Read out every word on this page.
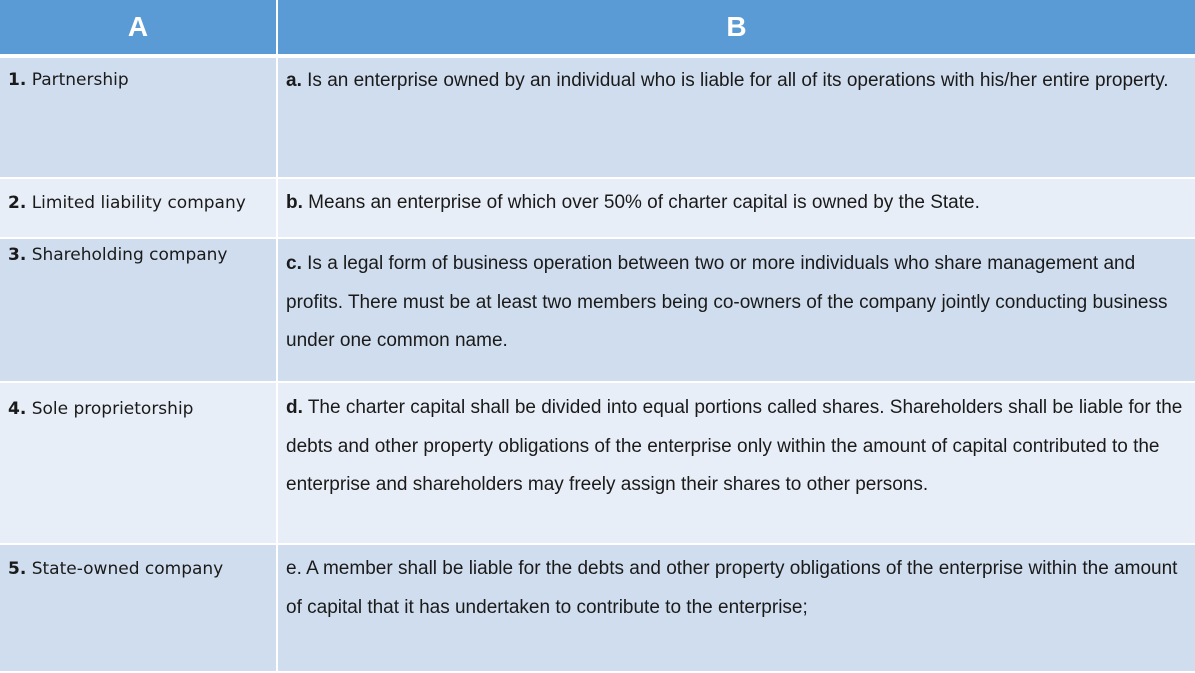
A	B
1. Partnership	a. Is an enterprise owned by an individual who is liable for all of its operations with his/her entire property.
2. Limited liability company	b. Means an enterprise of which over 50% of charter capital is owned by the State.
3. Shareholding company	c. Is a legal form of business operation between two or more individuals who share management and profits. There must be at least two members being co-owners of the company jointly conducting business under one common name.
4. Sole proprietorship	d. The charter capital shall be divided into equal portions called shares. Shareholders shall be liable for the debts and other property obligations of the enterprise only within the amount of capital contributed to the enterprise and shareholders may freely assign their shares to other persons.
5. State-owned company	e. A member shall be liable for the debts and other property obligations of the enterprise within the amount of capital that it has undertaken to contribute to the enterprise;
